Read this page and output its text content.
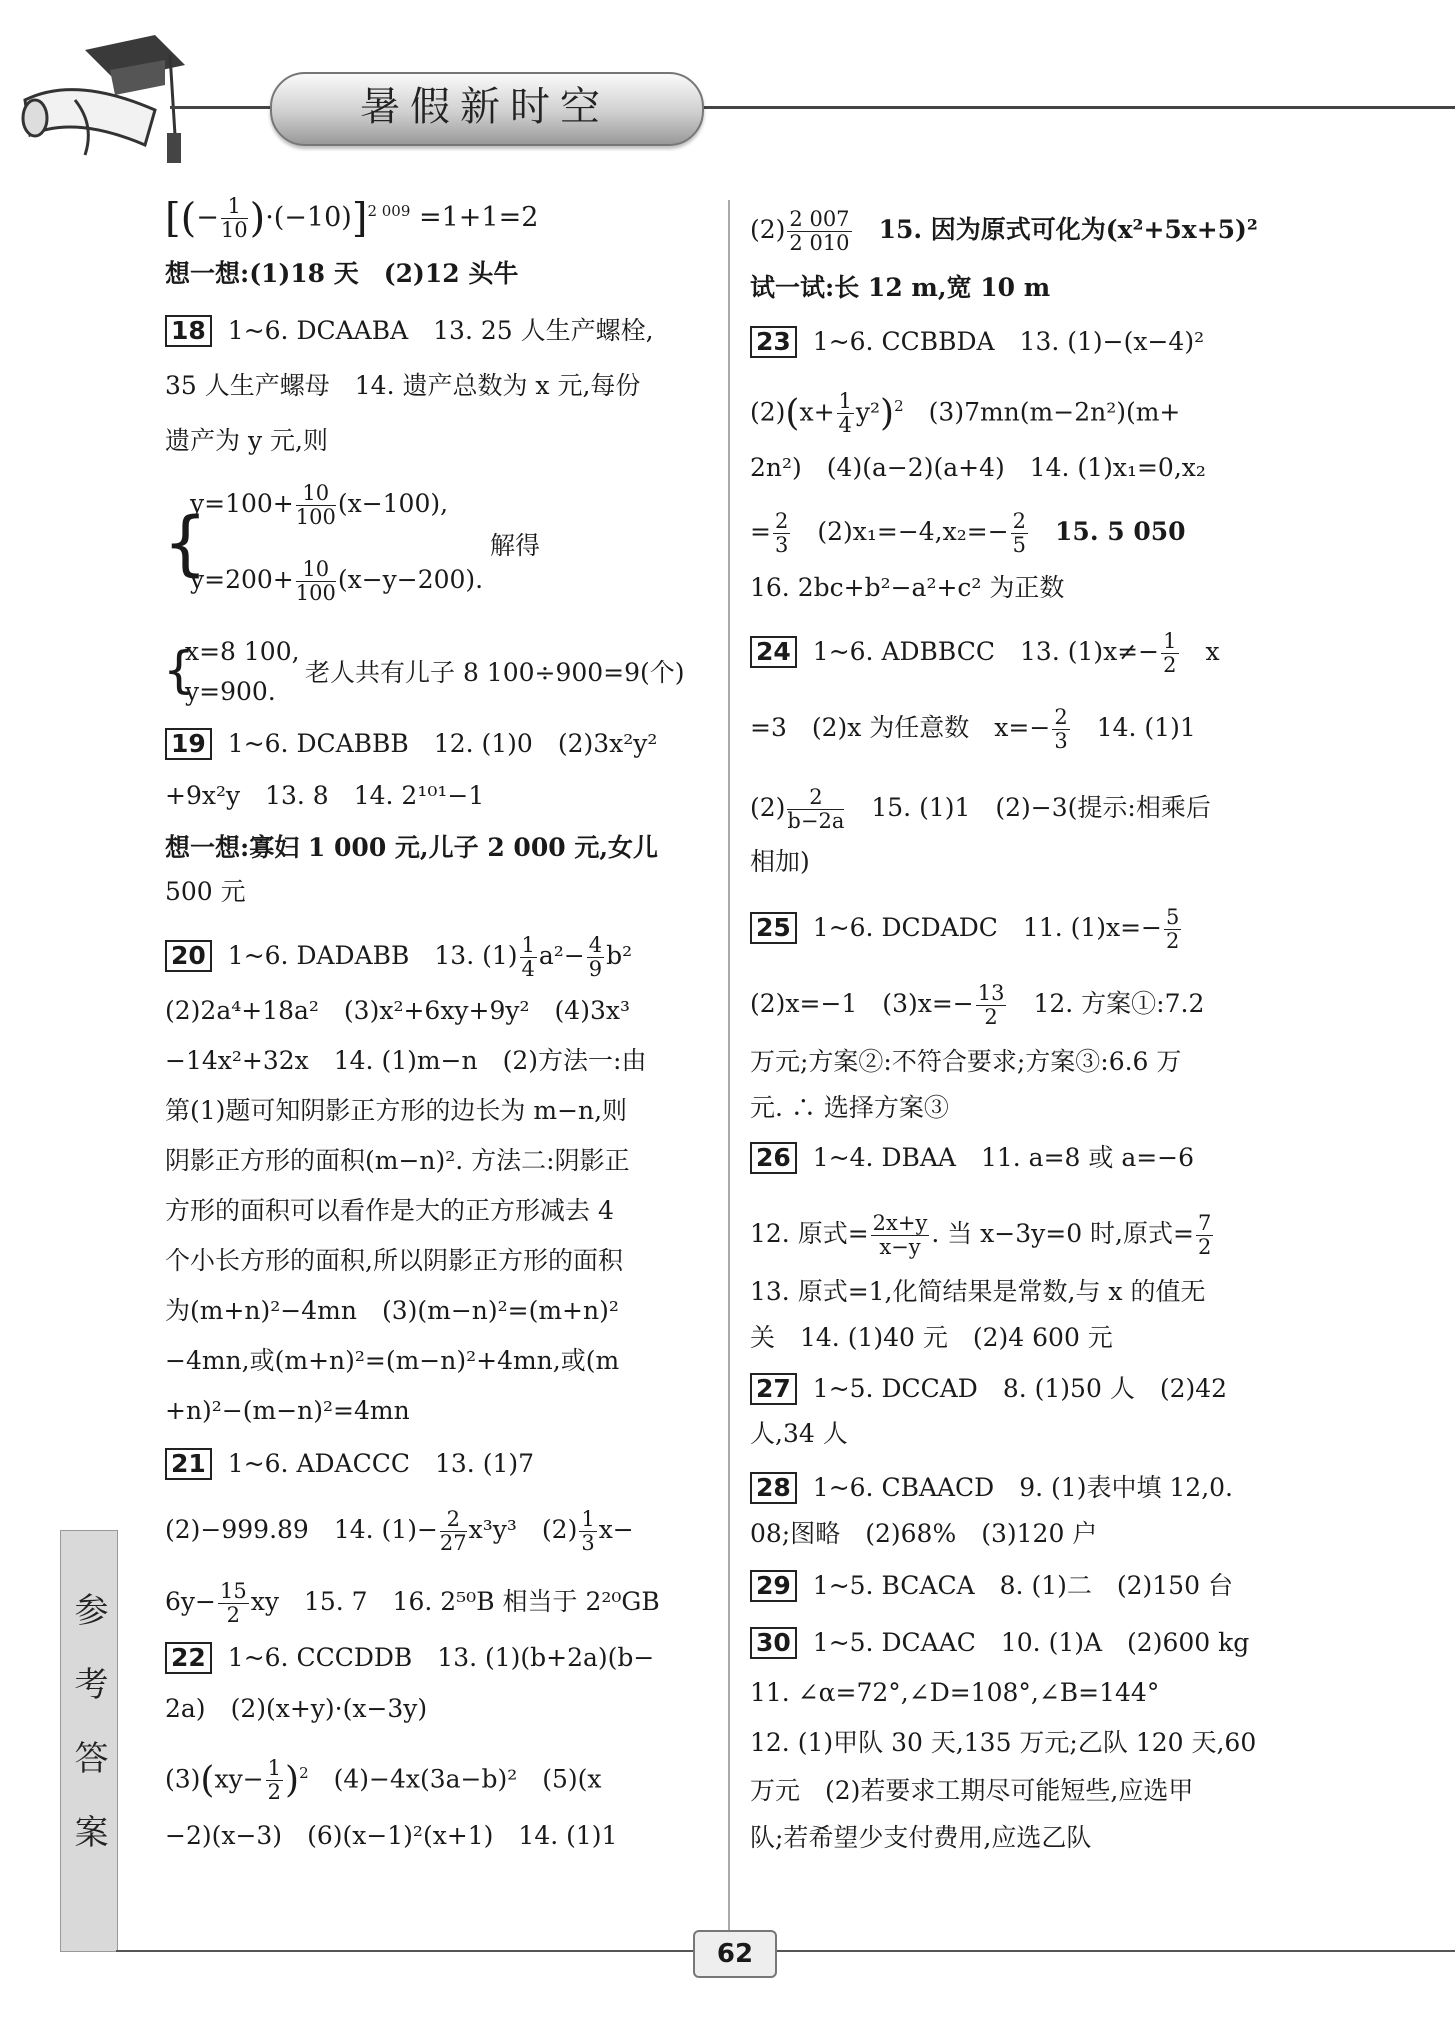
暑假新时空
[(− $\frac{1}{10} )\cdot(-10)]^{2 009} =1+1=2$
想一想:(1)18 天　(2)12 头牛
18 1~6. DCAABA　13. 25 人生产螺栓,
35 人生产螺母　14. 遗产总数为 x 元,每份
遗产为 y 元,则
{
$y=100+ \frac{10}{100} (x-100)$,
$y=200+ \frac{10}{100} (x-y-200)$.
解得
{
x=8 100,
y=900.
老人共有儿子 8 100÷900=9(个)
19 1~6. DCABBB　12. (1)0　(2)3x²y²
+9x²y　13. 8　14. 2¹⁰¹−1
想一想:寡妇 1 000 元,儿子 2 000 元,女儿
500 元
20 1~6. DADABB　13. $(1) \frac{1}{4} a^2- \frac{4}{9} b^2$
(2)2a⁴+18a²　(3)x²+6xy+9y²　(4)3x³
−14x²+32x　14. (1)m−n　(2)方法一:由
第(1)题可知阴影正方形的边长为 m−n,则
阴影正方形的面积(m−n)². 方法二:阴影正
方形的面积可以看作是大的正方形减去 4
个小长方形的面积,所以阴影正方形的面积
为(m+n)²−4mn　(3)(m−n)²=(m+n)²
−4mn,或(m+n)²=(m−n)²+4mn,或(m
+n)²−(m−n)²=4mn
21 1~6. ADACCC　13. (1)7
(2)−999.89　14. $(1)- \frac{2}{27} x^3y^3$　$(2) \frac{1}{3} x-$
$6y- \frac{15}{2}$ xy　15. 7　16. 2⁵⁰B 相当于 2²⁰GB
22 1~6. CCCDDB　13. (1)(b+2a)(b−
2a)　(2)(x+y)·(x−3y)
$(3)(xy- \frac{1}{2} )^2$　(4)−4x(3a−b)²　(5)(x
−2)(x−3)　(6)(x−1)²(x+1)　14. (1)1
参考答案
$(2) \frac{2 007}{2 010}$
　 15. 因为原式可化为(x²+5x+5)²
试一试:长 12 m,宽 10 m
23 1~6. CCBBDA　13. (1)−(x−4)²
$(2)(x+ \frac{1}{4} y^2)^2$　 (3)7mn(m−2n²)(m+
2n²)　(4)(a−2)(a+4)　14. (1)x₁=0,x₂
= $\frac{2}{3}$
　 $(2)x_1=-4,x_2=- \frac{2}{5}$
　 15. 5 050
16. 2bc+b²−a²+c² 为正数
24 1~6. ADBBCC　13. $(1)x\ne- \frac{1}{2}$
　 x
=3　(2)x 为任意数　$x=- \frac{2}{3}$
　 14. (1)1
$(2) \frac{2}{b-2a}$
　 15. (1)1　(2)−3(提示:相乘后
相加)
25 1~6. DCDADC　11. $(1)x=- \frac{5}{2}$
(2)x=−1　$(3)x=- \frac{13}{2}$
　 12. 方案①:7.2
万元;方案②:不符合要求;方案③:6.6 万
元. ∴ 选择方案③
26 1~4. DBAA　11. a=8 或 a=−6
12. 原式= $\frac{2x+y}{x-y}$ . 当 x−3y=0 时,原式= $\frac{7}{2}$
13. 原式=1,化简结果是常数,与 x 的值无
关　14. (1)40 元　(2)4 600 元
27 1~5. DCCAD　8. (1)50 人　(2)42
人,34 人
28 1~6. CBAACD　9. (1)表中填 12,0.
08;图略　(2)68%　(3)120 户
29 1~5. BCACA　8. (1)二　(2)150 台
30 1~5. DCAAC　10. (1)A　(2)600 kg
11. ∠α=72°,∠D=108°,∠B=144°
12. (1)甲队 30 天,135 万元;乙队 120 天,60
万元　(2)若要求工期尽可能短些,应选甲
队;若希望少支付费用,应选乙队
62
